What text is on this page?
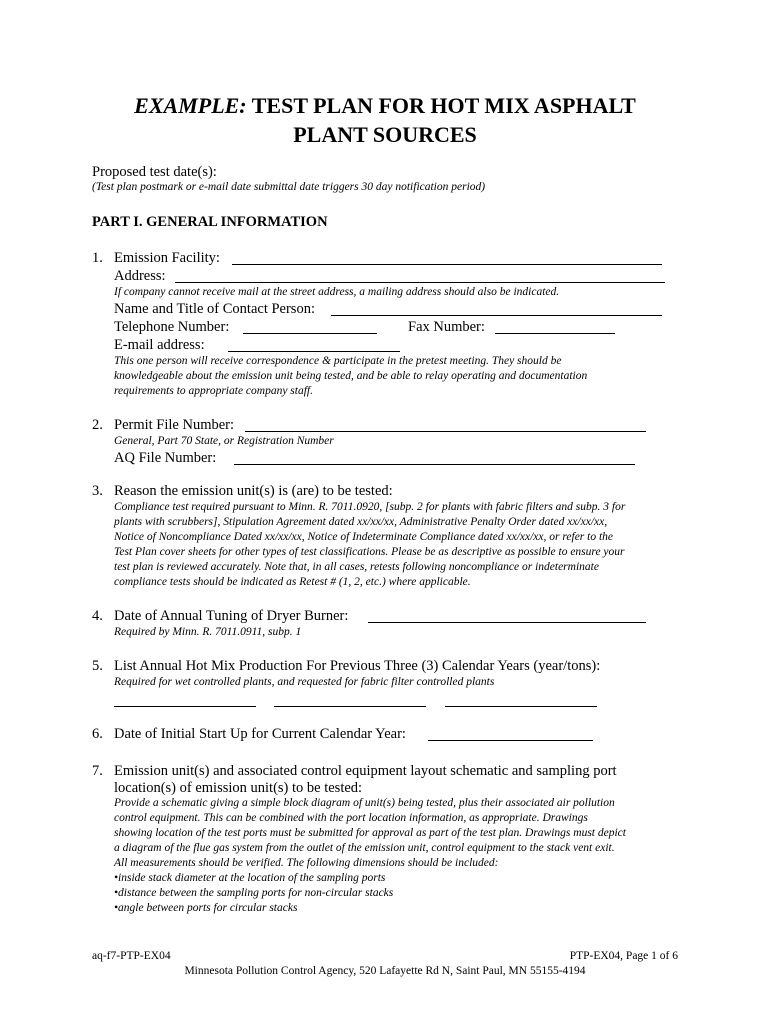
EXAMPLE: TEST PLAN FOR HOT MIX ASPHALT
PLANT SOURCES
Proposed test date(s):
(Test plan postmark or e-mail date submittal date triggers 30 day notification period)
PART I. GENERAL INFORMATION
1. Emission Facility:
Address:
If company cannot receive mail at the street address, a mailing address should also be indicated.
Name and Title of Contact Person:
Telephone Number:	Fax Number:
E-mail address:
This one person will receive correspondence & participate in the pretest meeting. They should be
knowledgeable about the emission unit being tested, and be able to relay operating and documentation
requirements to appropriate company staff.
2. Permit File Number:
General, Part 70 State, or Registration Number
AQ File Number:
3. Reason the emission unit(s) is (are) to be tested:
Compliance test required pursuant to Minn. R. 7011.0920, [subp. 2 for plants with fabric filters and subp. 3 for
plants with scrubbers], Stipulation Agreement dated xx/xx/xx, Administrative Penalty Order dated xx/xx/xx,
Notice of Noncompliance Dated xx/xx/xx, Notice of Indeterminate Compliance dated xx/xx/xx, or refer to the
Test Plan cover sheets for other types of test classifications. Please be as descriptive as possible to ensure your
test plan is reviewed accurately. Note that, in all cases, retests following noncompliance or indeterminate
compliance tests should be indicated as Retest # (1, 2, etc.) where applicable.
4. Date of Annual Tuning of Dryer Burner:
Required by Minn. R. 7011.0911, subp. 1
5. List Annual Hot Mix Production For Previous Three (3) Calendar Years (year/tons):
Required for wet controlled plants, and requested for fabric filter controlled plants
6. Date of Initial Start Up for Current Calendar Year:
7. Emission unit(s) and associated control equipment layout schematic and sampling port
location(s) of emission unit(s) to be tested:
Provide a schematic giving a simple block diagram of unit(s) being tested, plus their associated air pollution
control equipment. This can be combined with the port location information, as appropriate. Drawings
showing location of the test ports must be submitted for approval as part of the test plan. Drawings must depict
a diagram of the flue gas system from the outlet of the emission unit, control equipment to the stack vent exit.
All measurements should be verified. The following dimensions should be included:
•inside stack diameter at the location of the sampling ports
•distance between the sampling ports for non-circular stacks
•angle between ports for circular stacks
aq-f7-PTP-EX04	PTP-EX04, Page 1 of 6
Minnesota Pollution Control Agency, 520 Lafayette Rd N, Saint Paul, MN 55155-4194
